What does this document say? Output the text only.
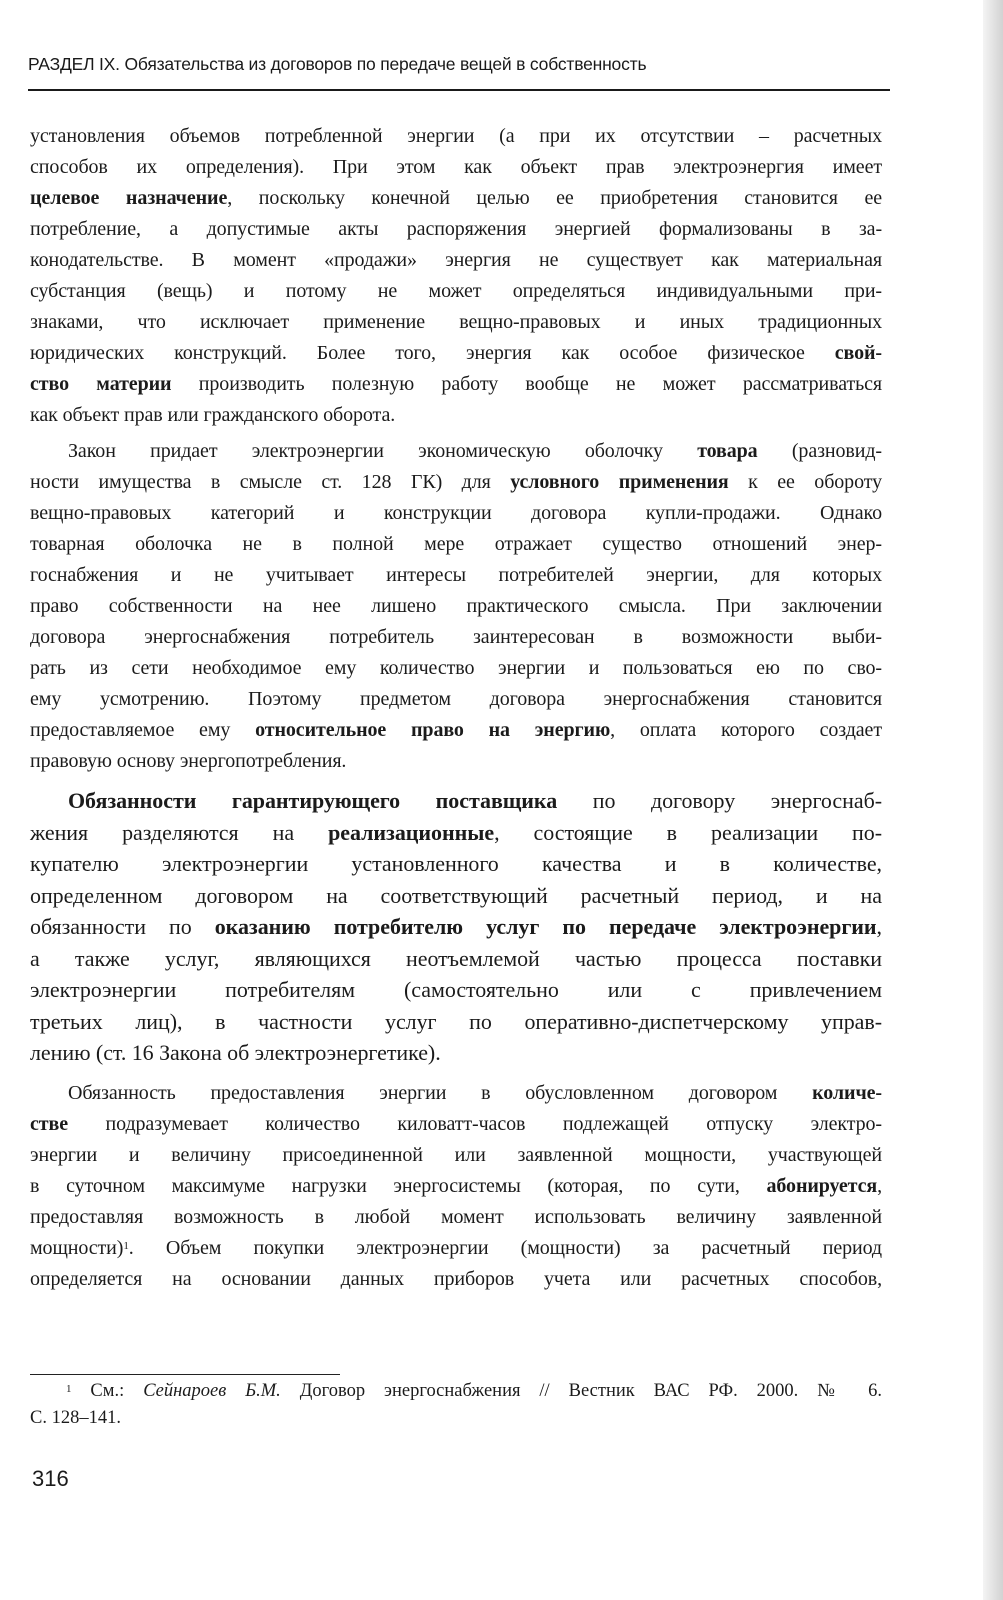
РАЗДЕЛ IX. Обязательства из договоров по передаче вещей в собственность
установления объемов потребленной энергии (а при их отсутствии – расчетных
способов их определения). При этом как объект прав электроэнергия имеет
целевое назначение, поскольку конечной целью ее приобретения становится ее
потребление, а допустимые акты распоряжения энергией формализованы в за-
конодательстве. В момент «продажи» энергия не существует как материальная
субстанция (вещь) и потому не может определяться индивидуальными при-
знаками, что исключает применение вещно-правовых и иных традиционных
юридических конструкций. Более того, энергия как особое физическое свой-
ство материи производить полезную работу вообще не может рассматриваться
как объект прав или гражданского оборота.
Закон придает электроэнергии экономическую оболочку товара (разновид-
ности имущества в смысле ст. 128 ГК) для условного применения к ее обороту
вещно-правовых категорий и конструкции договора купли-продажи. Однако
товарная оболочка не в полной мере отражает существо отношений энер-
госнабжения и не учитывает интересы потребителей энергии, для которых
право собственности на нее лишено практического смысла. При заключении
договора энергоснабжения потребитель заинтересован в возможности выби-
рать из сети необходимое ему количество энергии и пользоваться ею по сво-
ему усмотрению. Поэтому предметом договора энергоснабжения становится
предоставляемое ему относительное право на энергию, оплата которого создает
правовую основу энергопотребления.
Обязанности гарантирующего поставщика по договору энергоснаб-
жения разделяются на реализационные, состоящие в реализации по-
купателю электроэнергии установленного качества и в количестве,
определенном договором на соответствующий расчетный период, и на
обязанности по оказанию потребителю услуг по передаче электроэнергии,
а также услуг, являющихся неотъемлемой частью процесса поставки
электроэнергии потребителям (самостоятельно или с привлечением
третьих лиц), в частности услуг по оперативно-диспетчерскому управ-
лению (ст. 16 Закона об электроэнергетике).
Обязанность предоставления энергии в обусловленном договором количе-
стве подразумевает количество киловатт-часов подлежащей отпуску электро-
энергии и величину присоединенной или заявленной мощности, участвующей
в суточном максимуме нагрузки энергосистемы (которая, по сути, абонируется,
предоставляя возможность в любой момент использовать величину заявленной
мощности)$^1$. Объем покупки электроэнергии (мощности) за расчетный период
определяется на основании данных приборов учета или расчетных способов,
$^1$ См.: Сейнароев Б.М. Договор энергоснабжения // Вестник ВАС РФ. 2000. № 6.
С. 128–141.
316
